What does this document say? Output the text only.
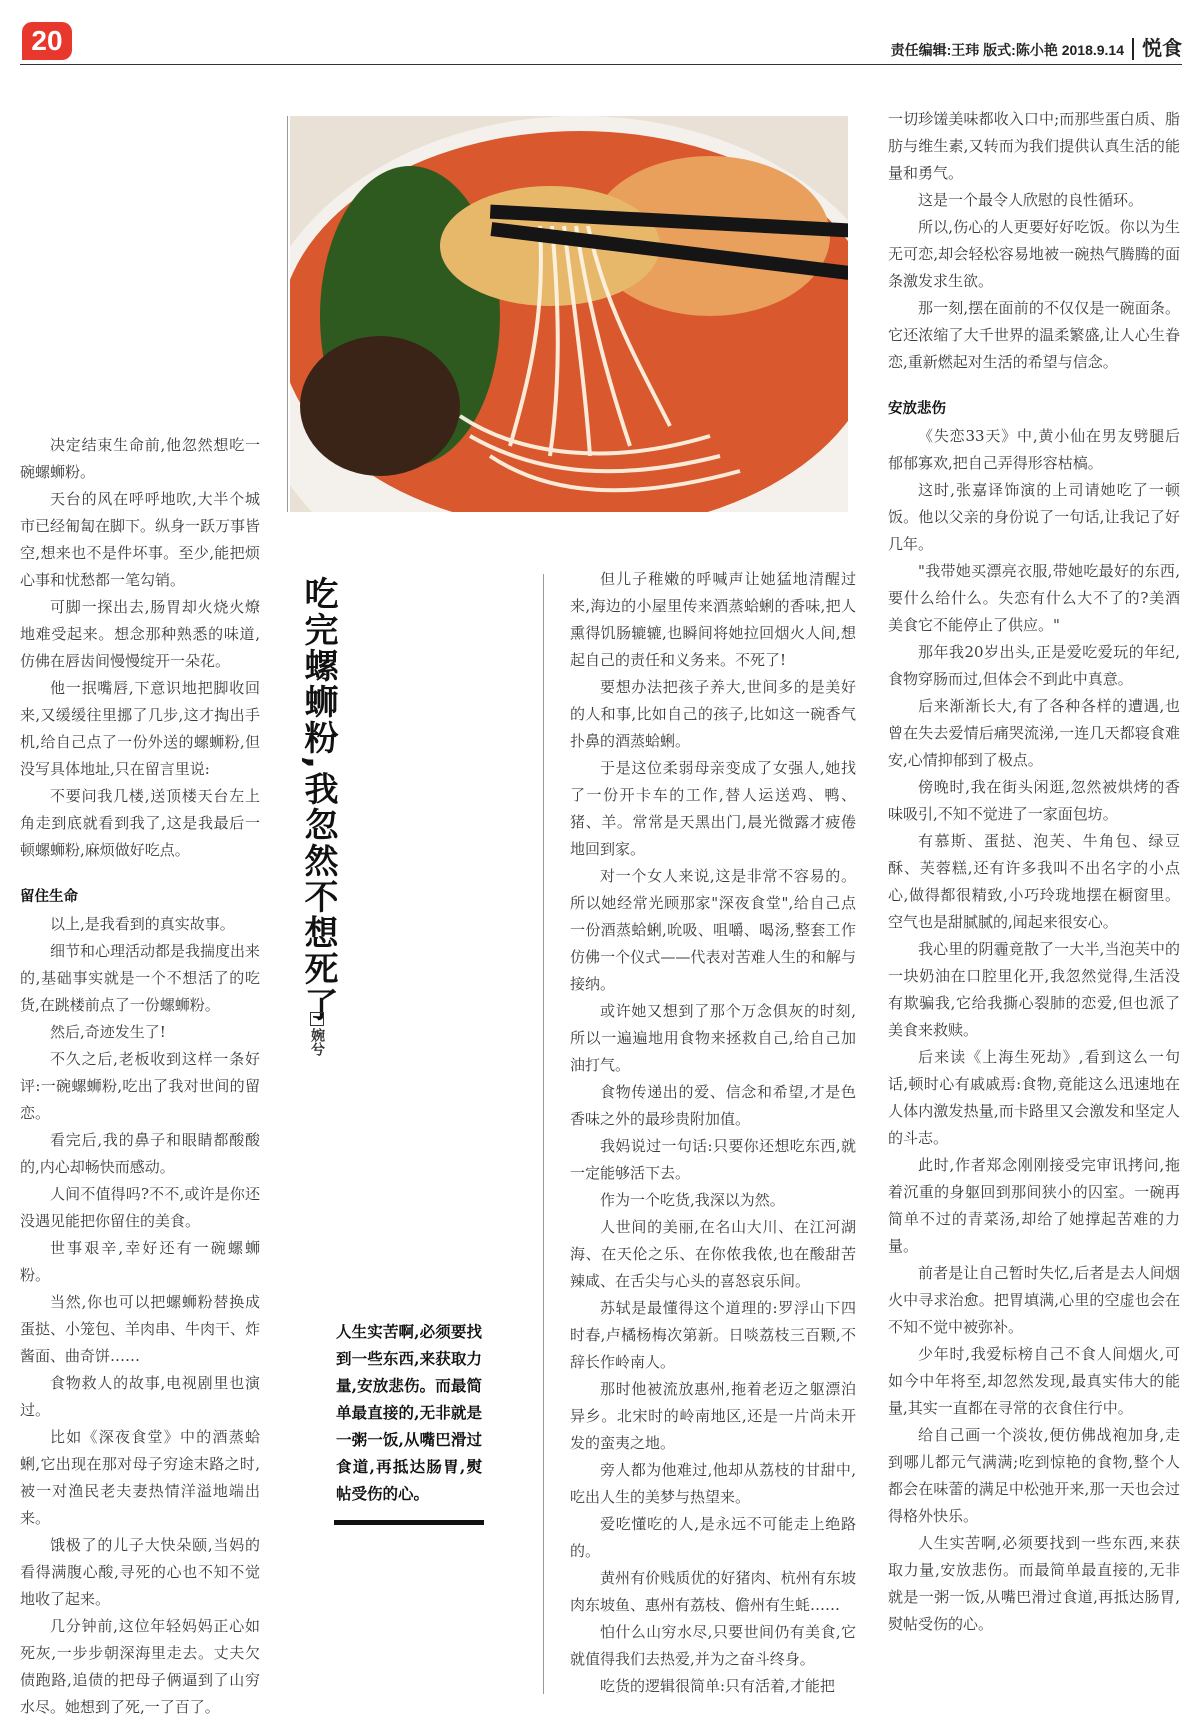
20	责任编辑:王玮 版式:陈小艳 2018.9.14 悦食

决定结束生命前,他忽然想吃一碗螺蛳粉。

天台的风在呼呼地吹,大半个城市已经匍匐在脚下。纵身一跃万事皆空,想来也不是件坏事。至少,能把烦心事和忧愁都一笔勾销。

可脚一探出去,肠胃却火烧火燎地难受起来。想念那种熟悉的味道,仿佛在唇齿间慢慢绽开一朵花。

他一抿嘴唇,下意识地把脚收回来,又缓缓往里挪了几步,这才掏出手机,给自己点了一份外送的螺蛳粉,但没写具体地址,只在留言里说:

不要问我几楼,送顶楼天台左上角走到底就看到我了,这是我最后一顿螺蛳粉,麻烦做好吃点。

留住生命

以上,是我看到的真实故事。

细节和心理活动都是我揣度出来的,基础事实就是一个不想活了的吃货,在跳楼前点了一份螺蛳粉。

然后,奇迹发生了!

不久之后,老板收到这样一条好评:一碗螺蛳粉,吃出了我对世间的留恋。

看完后,我的鼻子和眼睛都酸酸的,内心却畅快而感动。

人间不值得吗?不不,或许是你还没遇见能把你留住的美食。

世事艰辛,幸好还有一碗螺蛳粉。

当然,你也可以把螺蛳粉替换成蛋挞、小笼包、羊肉串、牛肉干、炸酱面、曲奇饼……

食物救人的故事,电视剧里也演过。

比如《深夜食堂》中的酒蒸蛤蜊,它出现在那对母子穷途末路之时,被一对渔民老夫妻热情洋溢地端出来。

饿极了的儿子大快朵颐,当妈的看得满腹心酸,寻死的心也不知不觉地收了起来。

几分钟前,这位年轻妈妈正心如死灰,一步步朝深海里走去。丈夫欠债跑路,追债的把母子俩逼到了山穷水尽。她想到了死,一了百了。

吃完螺蛳粉,我忽然不想死了
婉兮
人生实苦啊,必须要找到一些东西,来获取力量,安放悲伤。而最简单最直接的,无非就是一粥一饭,从嘴巴滑过食道,再抵达肠胃,熨帖受伤的心。

但儿子稚嫩的呼喊声让她猛地清醒过来,海边的小屋里传来酒蒸蛤蜊的香味,把人熏得饥肠辘辘,也瞬间将她拉回烟火人间,想起自己的责任和义务来。不死了!

要想办法把孩子养大,世间多的是美好的人和事,比如自己的孩子,比如这一碗香气扑鼻的酒蒸蛤蜊。

于是这位柔弱母亲变成了女强人,她找了一份开卡车的工作,替人运送鸡、鸭、猪、羊。常常是天黑出门,晨光微露才疲倦地回到家。

对一个女人来说,这是非常不容易的。所以她经常光顾那家"深夜食堂",给自己点一份酒蒸蛤蜊,吮吸、咀嚼、喝汤,整套工作仿佛一个仪式——代表对苦难人生的和解与接纳。

或许她又想到了那个万念俱灰的时刻,所以一遍遍地用食物来拯救自己,给自己加油打气。

食物传递出的爱、信念和希望,才是色香味之外的最珍贵附加值。

我妈说过一句话:只要你还想吃东西,就一定能够活下去。

作为一个吃货,我深以为然。

人世间的美丽,在名山大川、在江河湖海、在天伦之乐、在你侬我侬,也在酸甜苦辣咸、在舌尖与心头的喜怒哀乐间。

苏轼是最懂得这个道理的:罗浮山下四时春,卢橘杨梅次第新。日啖荔枝三百颗,不辞长作岭南人。

那时他被流放惠州,拖着老迈之躯漂泊异乡。北宋时的岭南地区,还是一片尚未开发的蛮夷之地。

旁人都为他难过,他却从荔枝的甘甜中,吃出人生的美梦与热望来。

爱吃懂吃的人,是永远不可能走上绝路的。

黄州有价贱质优的好猪肉、杭州有东坡肉东坡鱼、惠州有荔枝、儋州有生蚝……

怕什么山穷水尽,只要世间仍有美食,它就值得我们去热爱,并为之奋斗终身。

吃货的逻辑很简单:只有活着,才能把

一切珍馐美味都收入口中;而那些蛋白质、脂肪与维生素,又转而为我们提供认真生活的能量和勇气。

这是一个最令人欣慰的良性循环。

所以,伤心的人更要好好吃饭。你以为生无可恋,却会轻松容易地被一碗热气腾腾的面条激发求生欲。

那一刻,摆在面前的不仅仅是一碗面条。它还浓缩了大千世界的温柔繁盛,让人心生眷恋,重新燃起对生活的希望与信念。

安放悲伤

《失恋33天》中,黄小仙在男友劈腿后郁郁寡欢,把自己弄得形容枯槁。

这时,张嘉译饰演的上司请她吃了一顿饭。他以父亲的身份说了一句话,让我记了好几年。

"我带她买漂亮衣服,带她吃最好的东西,要什么给什么。失恋有什么大不了的?美酒美食它不能停止了供应。"

那年我20岁出头,正是爱吃爱玩的年纪,食物穿肠而过,但体会不到此中真意。

后来渐渐长大,有了各种各样的遭遇,也曾在失去爱情后痛哭流涕,一连几天都寝食难安,心情抑郁到了极点。

傍晚时,我在街头闲逛,忽然被烘烤的香味吸引,不知不觉进了一家面包坊。

有慕斯、蛋挞、泡芙、牛角包、绿豆酥、芙蓉糕,还有许多我叫不出名字的小点心,做得都很精致,小巧玲珑地摆在橱窗里。空气也是甜腻腻的,闻起来很安心。

我心里的阴霾竟散了一大半,当泡芙中的一块奶油在口腔里化开,我忽然觉得,生活没有欺骗我,它给我撕心裂肺的恋爱,但也派了美食来救赎。

后来读《上海生死劫》,看到这么一句话,顿时心有戚戚焉:食物,竟能这么迅速地在人体内激发热量,而卡路里又会激发和坚定人的斗志。

此时,作者郑念刚刚接受完审讯拷问,拖着沉重的身躯回到那间狭小的囚室。一碗再简单不过的青菜汤,却给了她撑起苦难的力量。

前者是让自己暂时失忆,后者是去人间烟火中寻求治愈。把胃填满,心里的空虚也会在不知不觉中被弥补。

少年时,我爱标榜自己不食人间烟火,可如今中年将至,却忽然发现,最真实伟大的能量,其实一直都在寻常的衣食住行中。

给自己画一个淡妆,便仿佛战袍加身,走到哪儿都元气满满;吃到惊艳的食物,整个人都会在味蕾的满足中松弛开来,那一天也会过得格外快乐。

人生实苦啊,必须要找到一些东西,来获取力量,安放悲伤。而最简单最直接的,无非就是一粥一饭,从嘴巴滑过食道,再抵达肠胃,熨帖受伤的心。
